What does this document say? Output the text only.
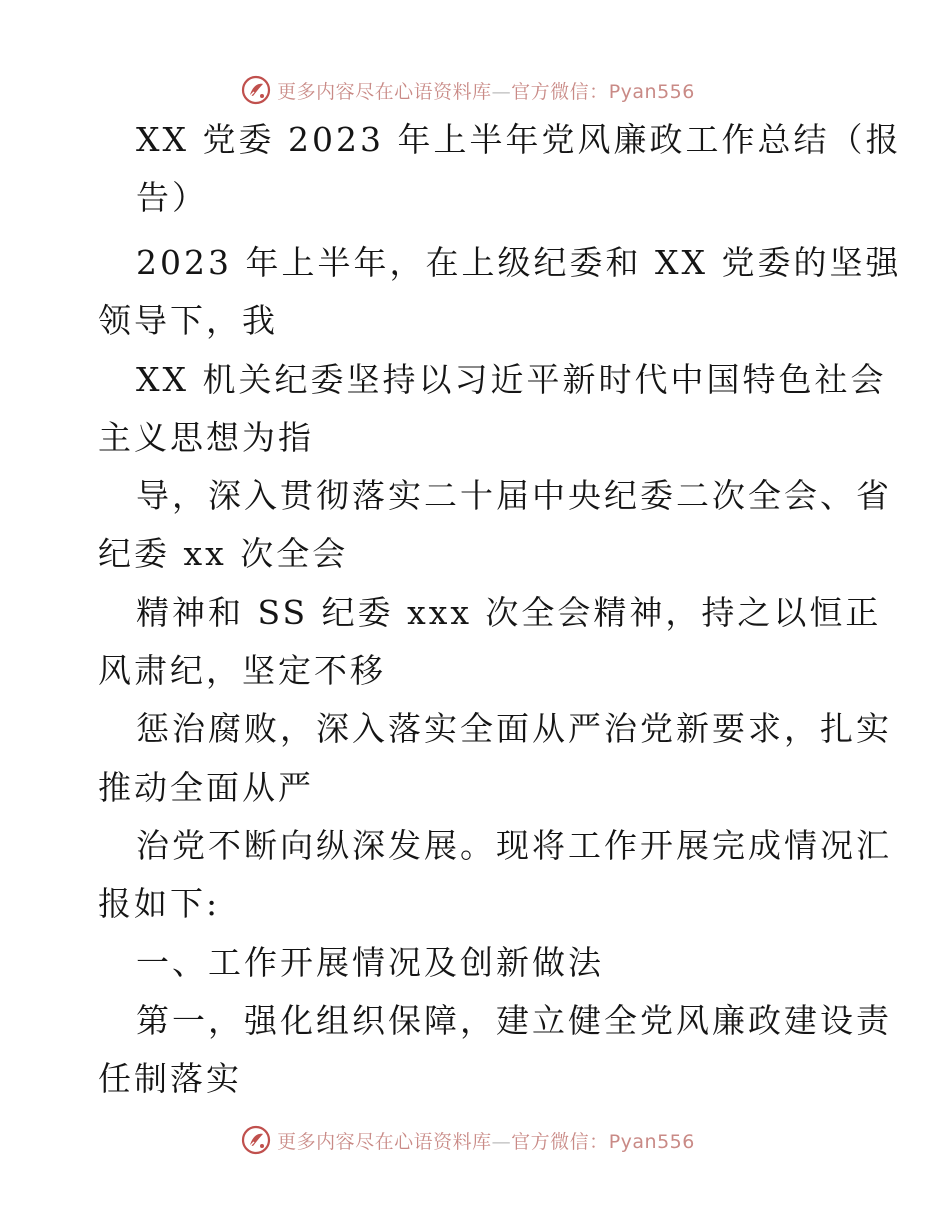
更多内容尽在心语资料库—官方微信：Pyan556
XX 党委 2023 年上半年党风廉政工作总结（报
告）
2023 年上半年，在上级纪委和 XX 党委的坚强
领导下，我
XX 机关纪委坚持以习近平新时代中国特色社会
主义思想为指
导，深入贯彻落实二十届中央纪委二次全会、省
纪委 xx 次全会
精神和 SS 纪委 xxx 次全会精神，持之以恒正
风肃纪，坚定不移
惩治腐败，深入落实全面从严治党新要求，扎实
推动全面从严
治党不断向纵深发展。现将工作开展完成情况汇
报如下:
一、工作开展情况及创新做法
第一，强化组织保障，建立健全党风廉政建设责
任制落实
更多内容尽在心语资料库—官方微信：Pyan556
